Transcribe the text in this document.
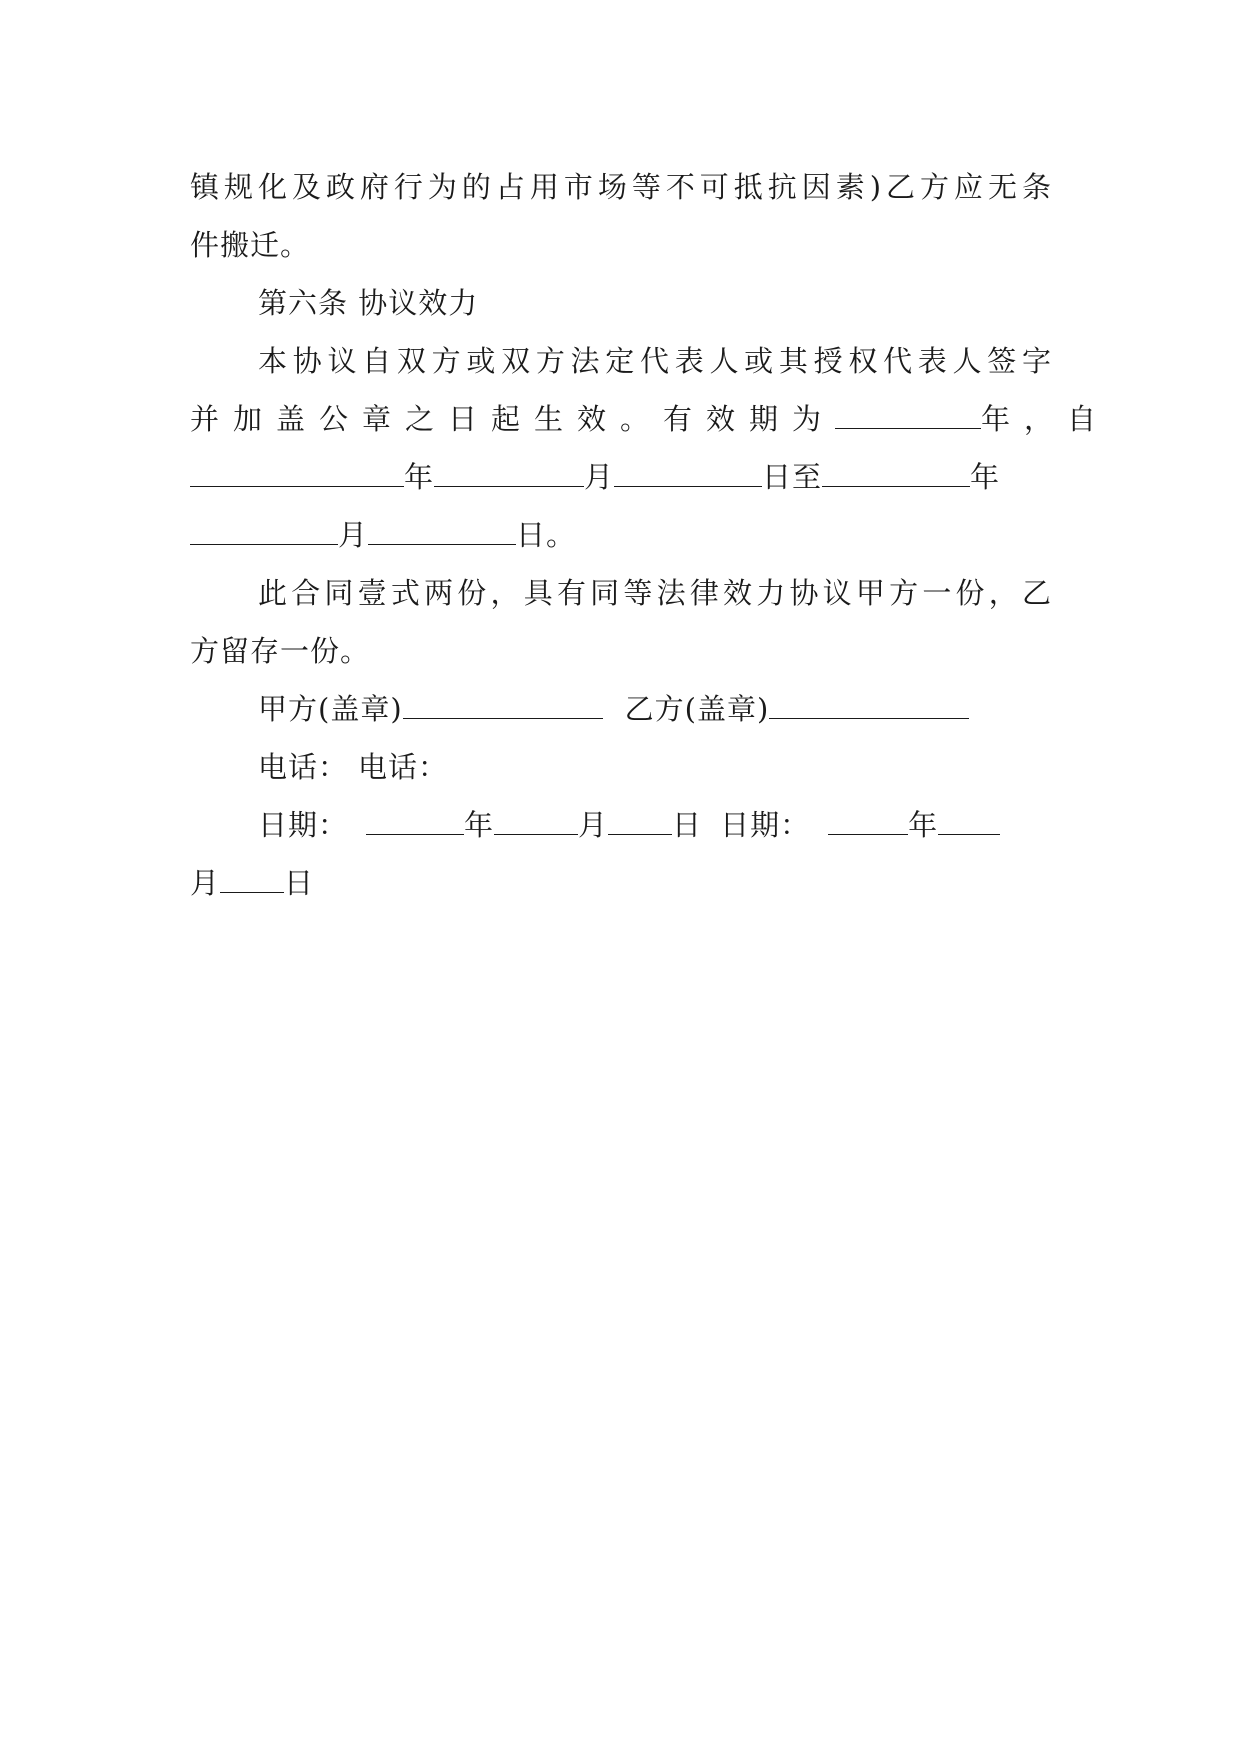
镇规化及政府行为的占用市场等不可抵抗因素)乙方应无条
件搬迁。
第六条 协议效力
本协议自双方或双方法定代表人或其授权代表人签字
并加盖公章之日起生效。有效期为	年，自
年	月	日至	年
月	日。
此合同壹式两份，具有同等法律效力协议甲方一份，乙
方留存一份。
甲方(盖章)	乙方(盖章)
电话： 电话：
日期：	年	月 日 日期：	年
月 日
